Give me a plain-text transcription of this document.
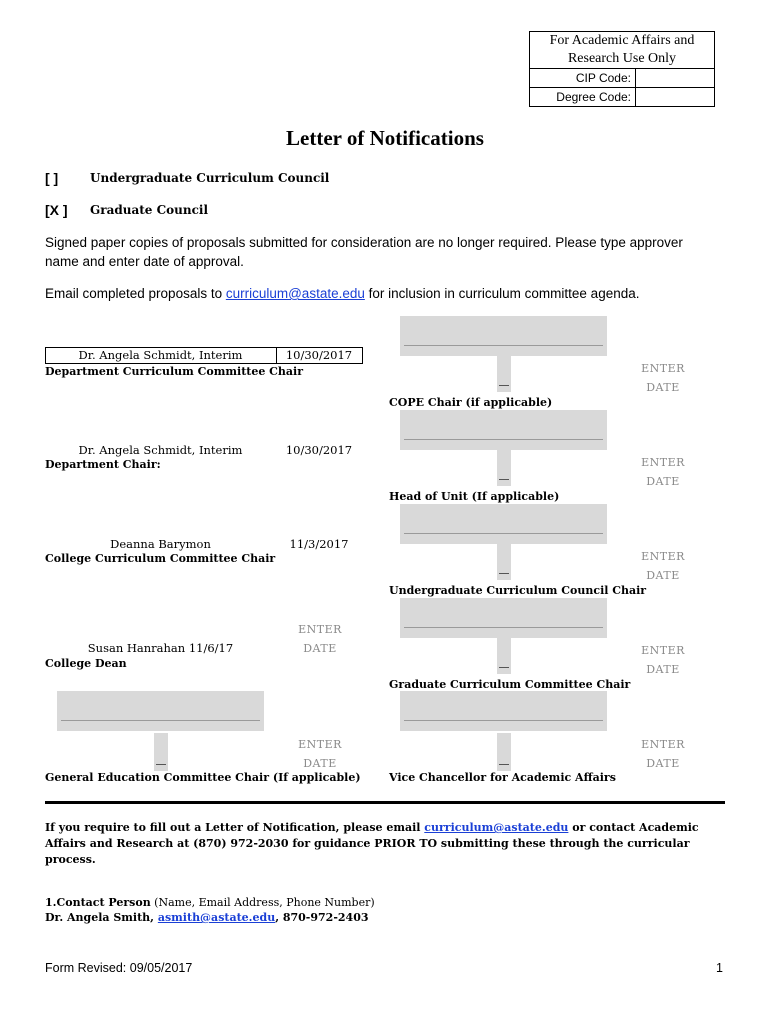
For Academic Affairs and Research Use Only
CIP Code:
Degree Code:
Letter of Notifications
[ ]	Undergraduate Curriculum Council
[X ] Graduate Council
Signed paper copies of proposals submitted for consideration are no longer required. Please type approver name and enter date of approval.
Email completed proposals to curriculum@astate.edu for inclusion in curriculum committee agenda.
Dr. Angela Schmidt, Interim	10/30/2017
Department Curriculum Committee Chair
Dr. Angela Schmidt, Interim	10/30/2017
Department Chair:
Deanna Barymon	11/3/2017
College Curriculum Committee Chair
Susan Hanrahan 11/6/17
ENTER
DATE
College Dean
ENTER
DATE
General Education Committee Chair (If applicable)
ENTER
DATE
COPE Chair (if applicable)
ENTER
DATE
Head of Unit (If applicable)
ENTER
DATE
Undergraduate Curriculum Council Chair
ENTER
DATE
Graduate Curriculum Committee Chair
ENTER
DATE
Vice Chancellor for Academic Affairs
If you require to fill out a Letter of Notification, please email curriculum@astate.edu or contact Academic Affairs and Research at (870) 972-2030 for guidance PRIOR TO submitting these through the curricular process.
1.Contact Person (Name, Email Address, Phone Number)
Dr. Angela Smith, asmith@astate.edu, 870-972-2403
Form Revised: 09/05/2017	1
